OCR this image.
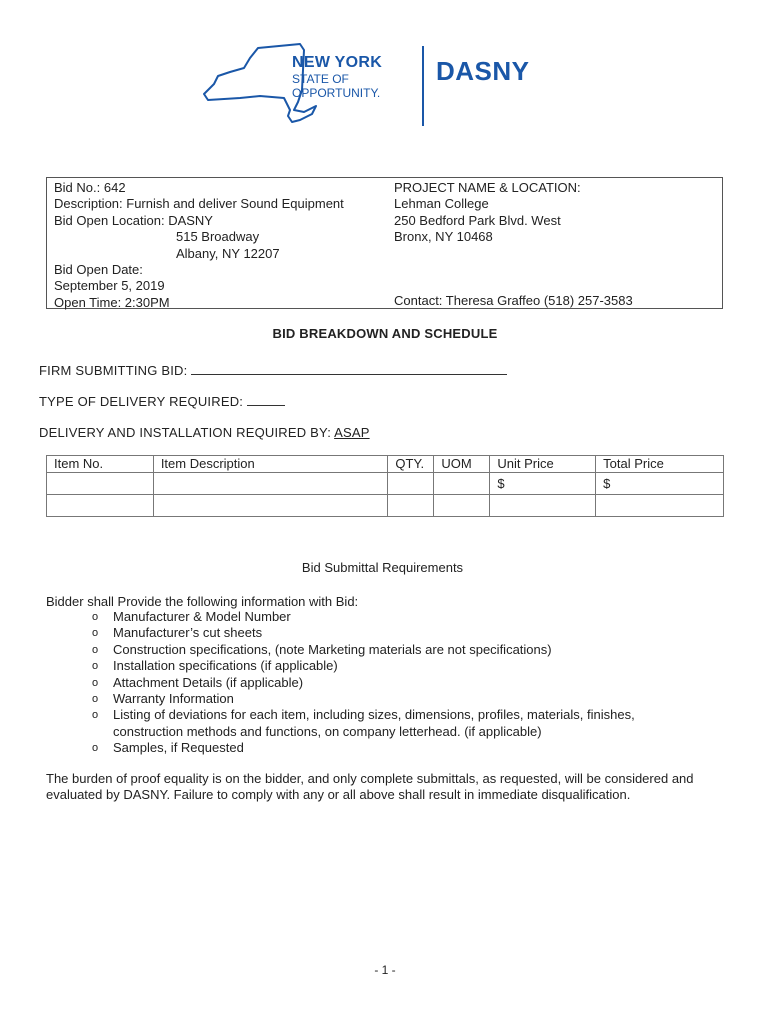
NEW YORK
STATE OF
OPPORTUNITY.
DASNY
Bid No.: 642
Description: Furnish and deliver Sound Equipment
Bid Open Location: DASNY
515 Broadway
Albany, NY 12207
Bid Open Date:
September 5, 2019
Open Time: 2:30PM
PROJECT NAME & LOCATION:
Lehman College
250 Bedford Park Blvd. West
Bronx, NY 10468
Contact: Theresa Graffeo (518) 257-3583
BID BREAKDOWN AND SCHEDULE
FIRM SUBMITTING BID:
TYPE OF DELIVERY REQUIRED:
DELIVERY AND INSTALLATION REQUIRED BY: ASAP
Item No.	Item Description	QTY.	UOM	Unit Price	Total Price
				$	$

Bid Submittal Requirements
Bidder shall Provide the following information with Bid:
o Manufacturer & Model Number
o Manufacturer’s cut sheets
o Construction specifications, (note Marketing materials are not specifications)
o Installation specifications (if applicable)
o Attachment Details (if applicable)
o Warranty Information
o Listing of deviations for each item, including sizes, dimensions, profiles, materials, finishes, construction methods and functions, on company letterhead. (if applicable)
o Samples, if Requested
The burden of proof equality is on the bidder, and only complete submittals, as requested, will be considered and evaluated by DASNY. Failure to comply with any or all above shall result in immediate disqualification.
- 1 -
